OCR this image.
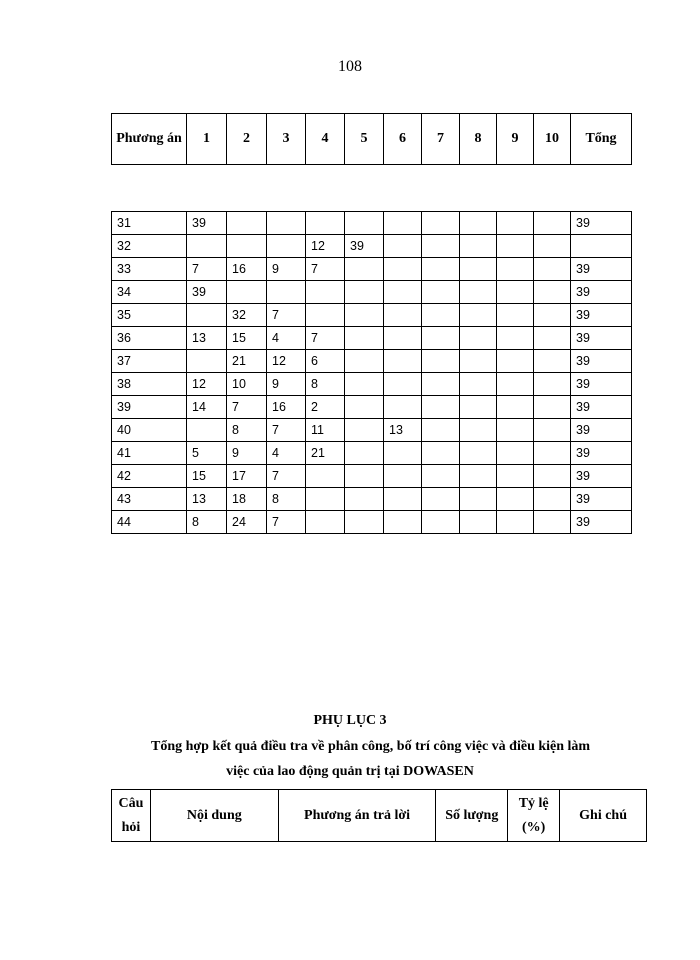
108
Phương án	1	2	3	4	5	6	7	8	9	10	Tổng
31	39										39
32				12	39						
33	7	16	9	7							39
34	39										39
35		32	7								39
36	13	15	4	7							39
37		21	12	6							39
38	12	10	9	8							39
39	14	7	16	2							39
40		8	7	11		13					39
41	5	9	4	21							39
42	15	17	7								39
43	13	18	8								39
44	8	24	7								39
PHỤ LỤC 3
Tổng hợp kết quả điều tra về phân công, bố trí công việc và điều kiện làm
việc của lao động quản trị tại DOWASEN
Câu hỏi	Nội dung	Phương án trả lời	Số lượng	Tỷ lệ (%)	Ghi chú
